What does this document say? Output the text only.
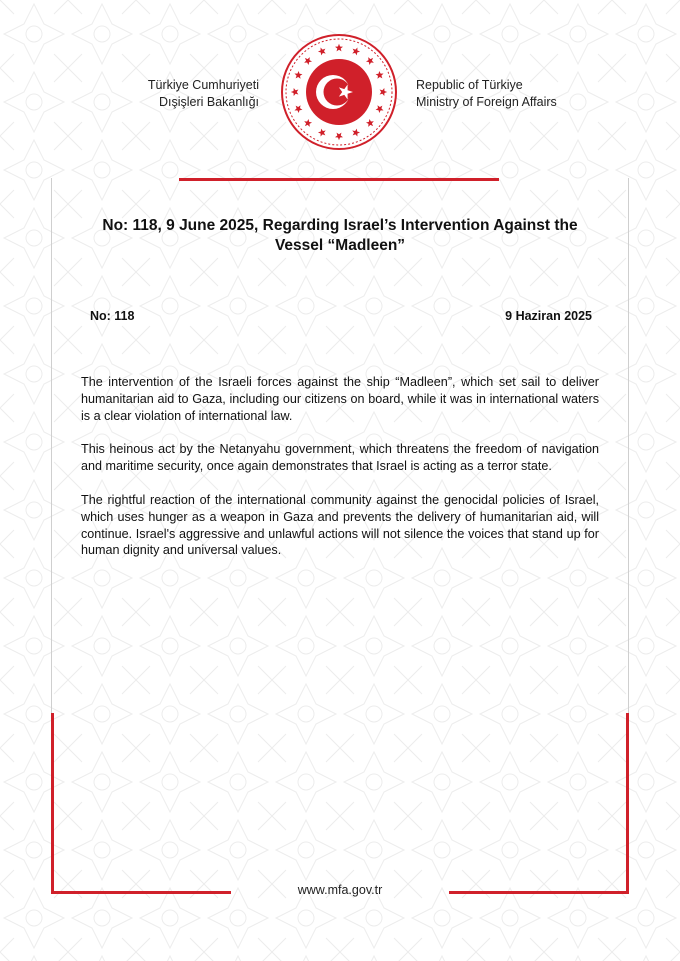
Türkiye Cumhuriyeti
Dışişleri Bakanlığı
Republic of Türkiye
Ministry of Foreign Affairs
No: 118, 9 June 2025, Regarding Israel’s Intervention Against the Vessel “Madleen”
No: 118	9 Haziran 2025

The intervention of the Israeli forces against the ship “Madleen”, which set sail to deliver humanitarian aid to Gaza, including our citizens on board, while it was in international waters is a clear violation of international law.

This heinous act by the Netanyahu government, which threatens the freedom of navigation and maritime security, once again demonstrates that Israel is acting as a terror state.

The rightful reaction of the international community against the genocidal policies of Israel, which uses hunger as a weapon in Gaza and prevents the delivery of humanitarian aid, will continue. Israel's aggressive and unlawful actions will not silence the voices that stand up for human dignity and universal values.

www.mfa.gov.tr
